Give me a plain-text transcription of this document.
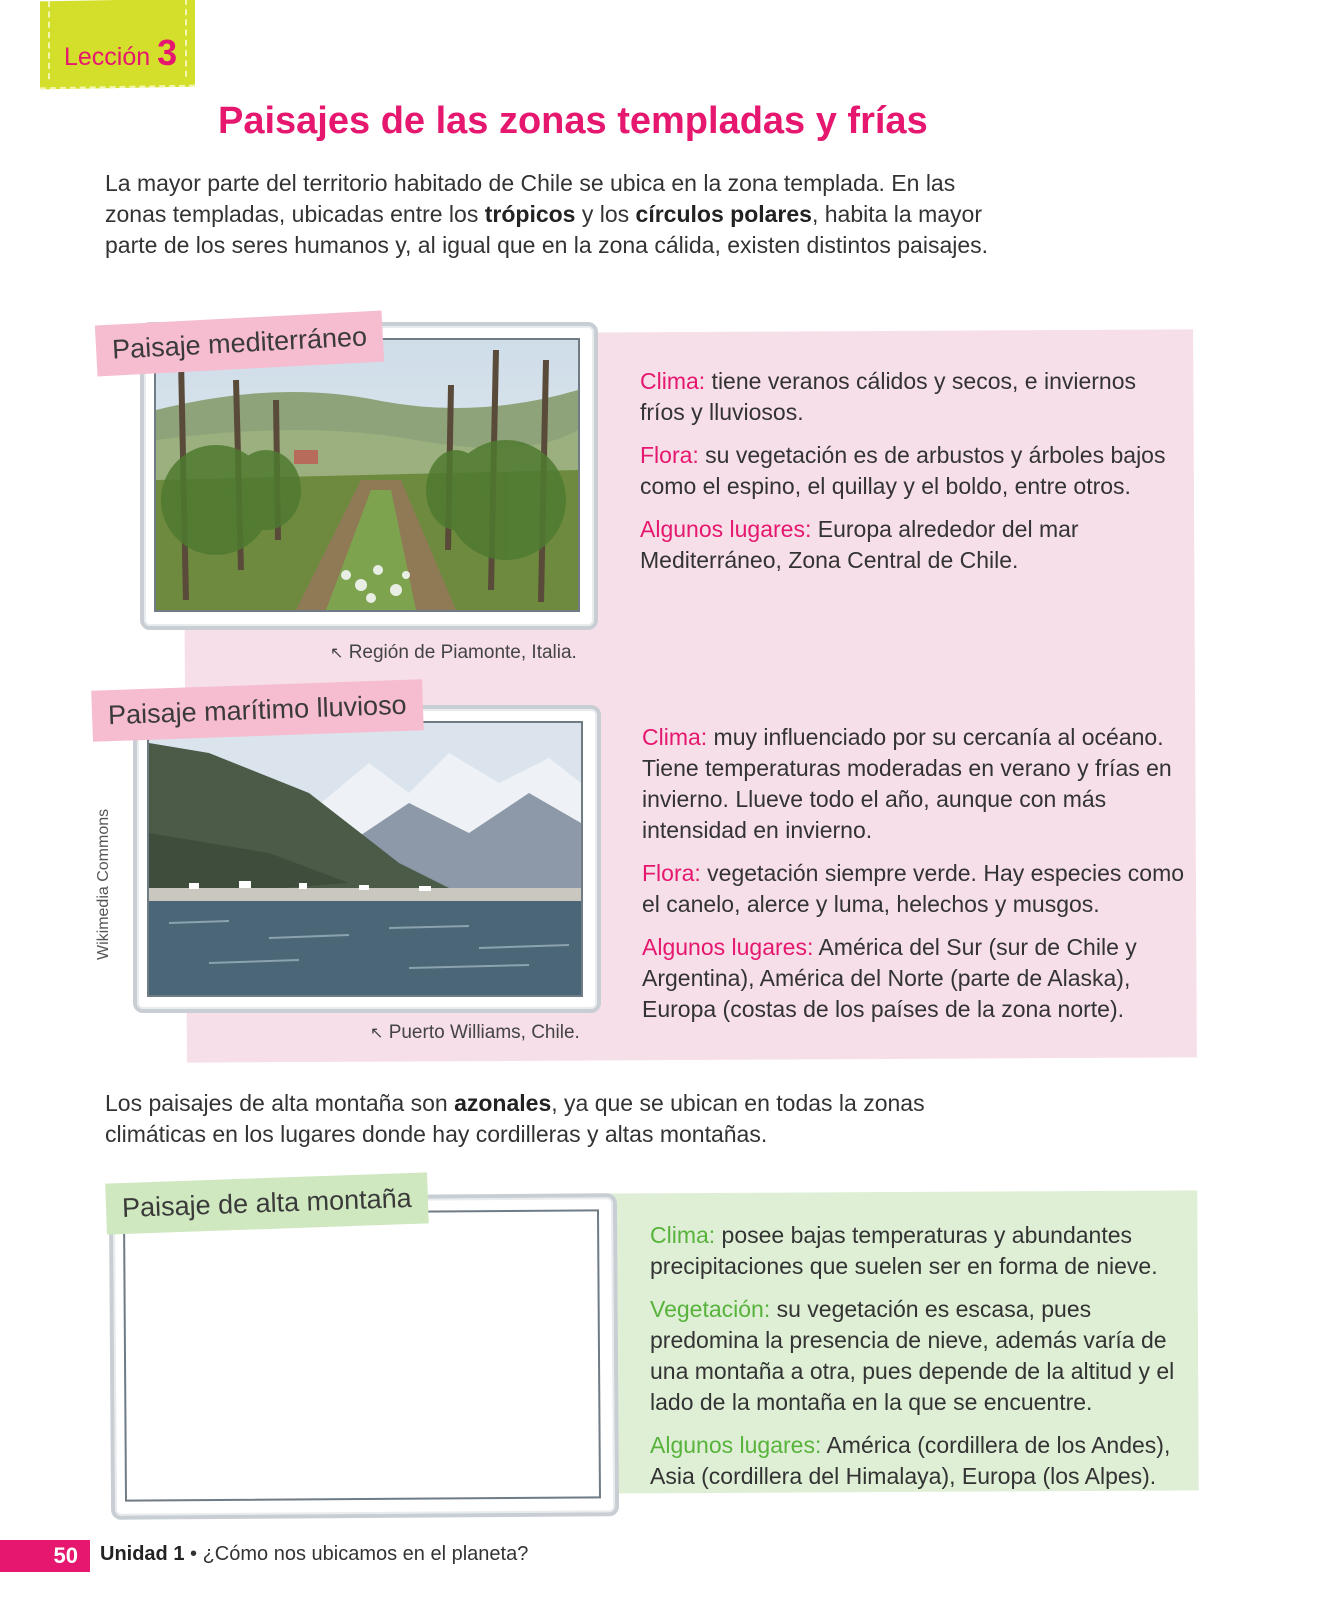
Lección 3
Paisajes de las zonas templadas y frías
La mayor parte del territorio habitado de Chile se ubica en la zona templada. En las zonas templadas, ubicadas entre los trópicos y los círculos polares, habita la mayor parte de los seres humanos y, al igual que en la zona cálida, existen distintos paisajes.
Paisaje mediterráneo
↖ Región de Piamonte, Italia.

Clima: tiene veranos cálidos y secos, e inviernos fríos y lluviosos.

Flora: su vegetación es de arbustos y árboles bajos como el espino, el quillay y el boldo, entre otros.

Algunos lugares: Europa alrededor del mar Mediterráneo, Zona Central de Chile.

Paisaje marítimo lluvioso
Wikimedia Commons
↖ Puerto Williams, Chile.

Clima: muy influenciado por su cercanía al océano. Tiene temperaturas moderadas en verano y frías en invierno. Llueve todo el año, aunque con más intensidad en invierno.

Flora: vegetación siempre verde. Hay especies como el canelo, alerce y luma, helechos y musgos.

Algunos lugares: América del Sur (sur de Chile y Argentina), América del Norte (parte de Alaska), Europa (costas de los países de la zona norte).

Los paisajes de alta montaña son azonales, ya que se ubican en todas la zonas climáticas en los lugares donde hay cordilleras y altas montañas.
Paisaje de alta montaña

Clima: posee bajas temperaturas y abundantes precipitaciones que suelen ser en forma de nieve.

Vegetación: su vegetación es escasa, pues predomina la presencia de nieve, además varía de una montaña a otra, pues depende de la altitud y el lado de la montaña en la que se encuentre.

Algunos lugares: América (cordillera de los Andes), Asia (cordillera del Himalaya), Europa (los Alpes).

50	Unidad 1 • ¿Cómo nos ubicamos en el planeta?
